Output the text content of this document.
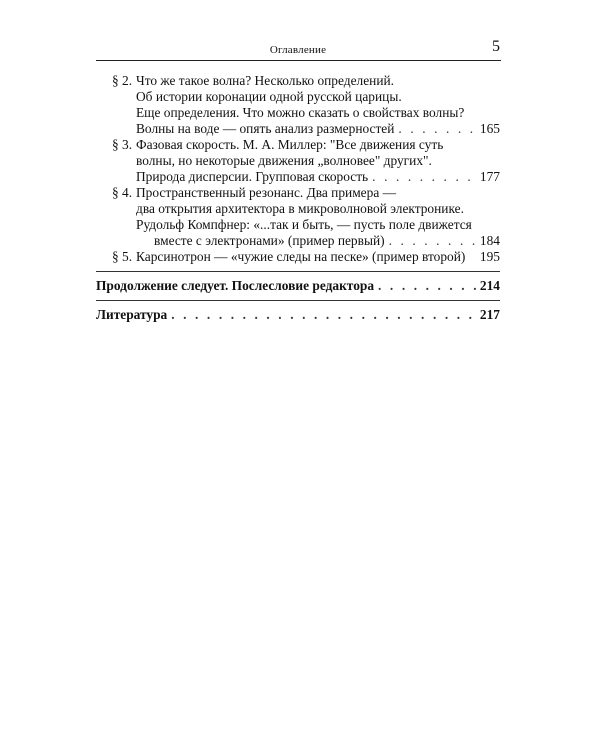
Оглавление	5
§ 2. Что же такое волна? Несколько определений.
Об истории коронации одной русской царицы.
Еще определения. Что можно сказать о свойствах волны?
Волны на воде — опять анализ размерностей . . .	165
§ 3. Фазовая скорость. М. А. Миллер: "Все движения суть
волны, но некоторые движения „волновее" других".
Природа дисперсии. Групповая скорость . . .	177
§ 4. Пространственный резонанс. Два примера —
два открытия архитектора в микроволновой электронике.
Рудольф Компфнер: «...так и быть, — пусть поле движется
вместе с электронами» (пример первый) . . .	184
§ 5. Карсинотрон — «чужие следы на песке» (пример второй) 195
Продолжение следует. Послесловие редактора . . .	214
Литература . . .	217
